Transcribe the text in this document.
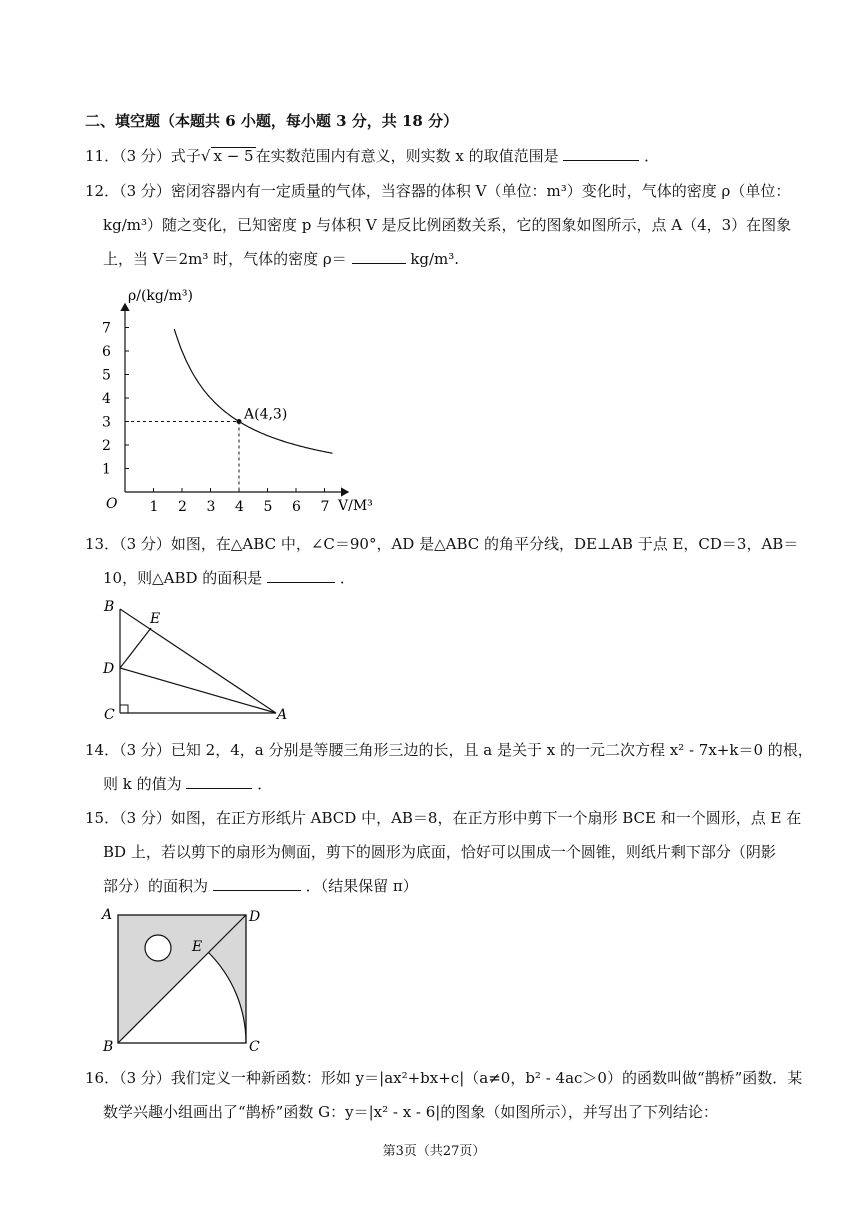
二、填空题（本题共 6 小题，每小题 3 分，共 18 分）
11．（3 分）式子√ x − 5 在实数范围内有意义，则实数 x 的取值范围是	．
12．（3 分）密闭容器内有一定质量的气体，当容器的体积 V（单位：m³）变化时，气体的密度 ρ（单位：
kg/m³）随之变化，已知密度 p 与体积 V 是反比例函数关系，它的图象如图所示，点 A（4，3）在图象
上，当 V＝2m³ 时，气体的密度 ρ＝	kg/m³.
ρ/(kg/m³)
V/M³
O 1 2 3 4 5 6 7
1
2
3
4
5
6
7
A(4,3)
13．（3 分）如图，在△ABC 中，∠C＝90°，AD 是△ABC 的角平分线，DE⊥AB 于点 E，CD＝3，AB＝
10，则△ABD 的面积是	．
B
E
D
C	A
14．（3 分）已知 2，4，a 分别是等腰三角形三边的长，且 a 是关于 x 的一元二次方程 x² - 7x+k＝0 的根，
则 k 的值为	．
15．（3 分）如图，在正方形纸片 ABCD 中，AB＝8，在正方形中剪下一个扇形 BCE 和一个圆形，点 E 在
BD 上，若以剪下的扇形为侧面，剪下的圆形为底面，恰好可以围成一个圆锥，则纸片剩下部分（阴影
部分）的面积为	．（结果保留 π）
A	D
E
B	C
16．（3 分）我们定义一种新函数：形如 y＝|ax²+bx+c|（a≠0，b² - 4ac＞0）的函数叫做“鹊桥”函数．某
数学兴趣小组画出了“鹊桥”函数 G：y＝|x² - x - 6|的图象（如图所示），并写出了下列结论：
第3页（共27页）
